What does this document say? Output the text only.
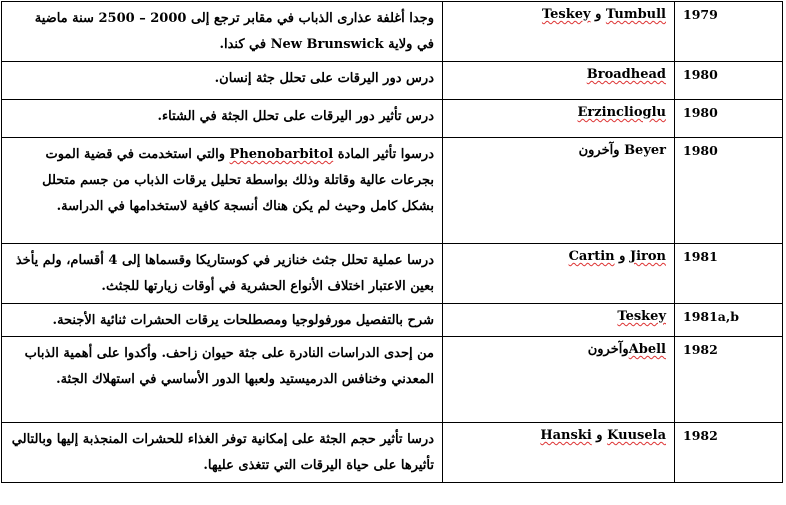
1979	Tumbull و Teskey	وجدا أغلفة عذارى الذباب في مقابر ترجع إلى 2000 – 2500 سنة ماضية
في ولاية New Brunswick في كندا.
1980	Broadhead	درس دور اليرقات على تحلل جثة إنسان.
1980	Erzinclioglu	درس تأثير دور اليرقات على تحلل الجثة في الشتاء.
1980	Beyer وآخرون	درسوا تأثير المادة Phenobarbitol والتي استخدمت في قضية الموت بجرعات عالية وقاتلة وذلك بواسطة تحليل يرقات الذباب من جسم متحلل بشكل كامل وحيث لم يكن هناك أنسجة كافية لاستخدامها في الدراسة.
1981	Jiron و Cartin	درسا عملية تحلل جثث خنازير في كوستاريكا وقسماها إلى 4 أقسام، ولم يأخذ بعين الاعتبار اختلاف الأنواع الحشرية في أوقات زيارتها للجثث.
1981a,b	Teskey	شرح بالتفصيل مورفولوجيا ومصطلحات يرقات الحشرات ثنائية الأجنحة.
1982	Abellوآخرون	من إحدى الدراسات النادرة على جثة حيوان زاحف. وأكدوا على أهمية الذباب المعدني وخنافس الدرميستيد ولعبها الدور الأساسي في استهلاك الجثة.
1982	Kuusela و Hanski	درسا تأثير حجم الجثة على إمكانية توفر الغذاء للحشرات المنجذبة إليها وبالتالي تأثيرها على حياة اليرقات التي تتغذى عليها.
